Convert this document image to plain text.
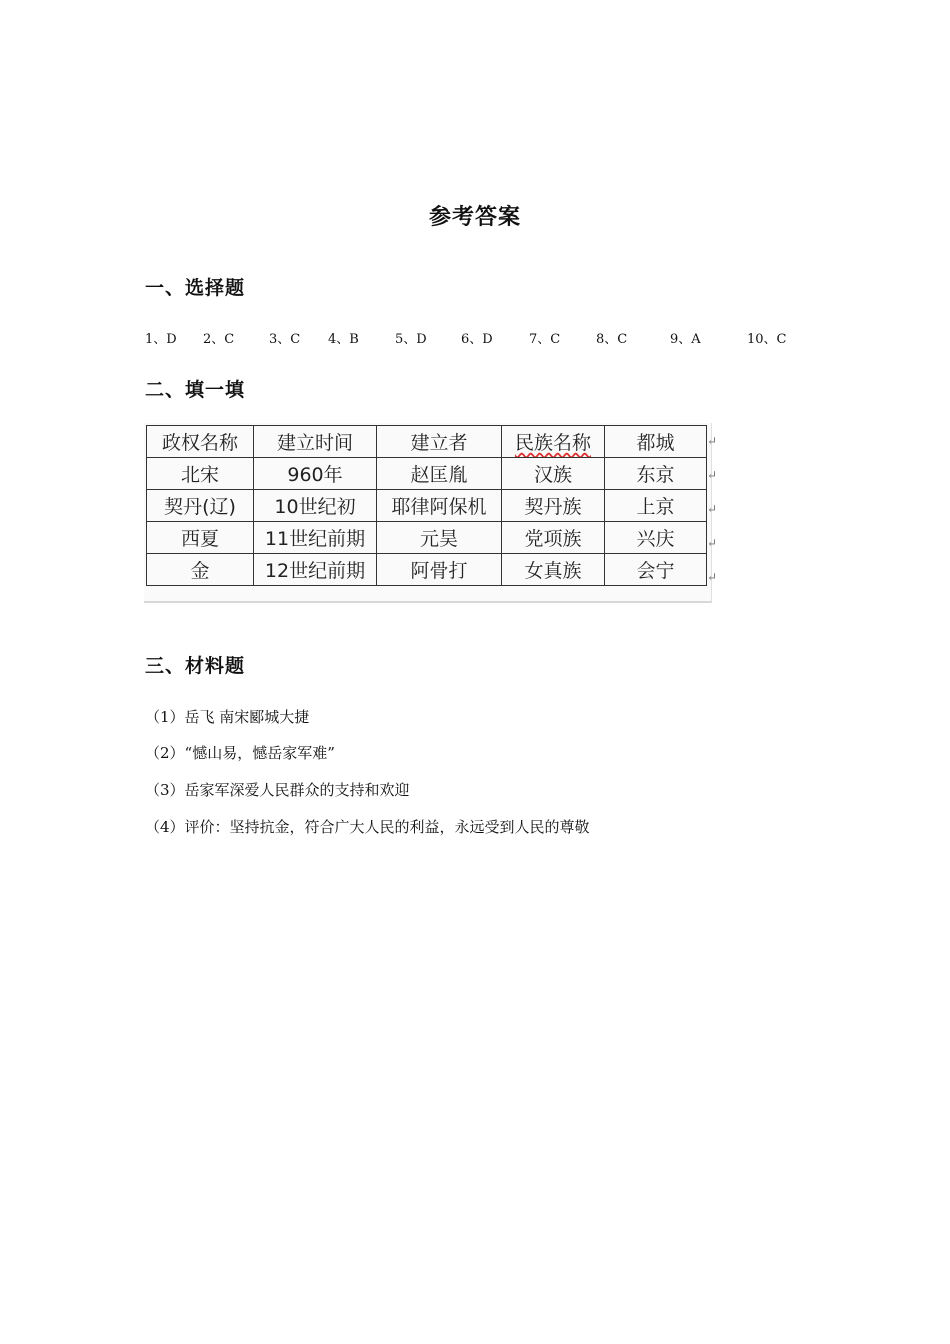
参考答案
一、选择题
1、D 2、C	3、C 4、B	5、D	6、D	7、C	8、C	9、A	10、C
二、填一填
政权名称	建立时间	建立者	民族名称	都城
北宋	960年	赵匡胤	汉族	东京
契丹(辽)	10世纪初	耶律阿保机	契丹族	上京
西夏	11世纪前期	元昊	党项族	兴庆
金	12世纪前期	阿骨打	女真族	会宁
↵
↵
↵
↵
↵
三、材料题
（1）岳飞 南宋郾城大捷
（2）“憾山易，憾岳家军难”
（3）岳家军深爱人民群众的支持和欢迎
（4）评价：坚持抗金，符合广大人民的利益，永远受到人民的尊敬
